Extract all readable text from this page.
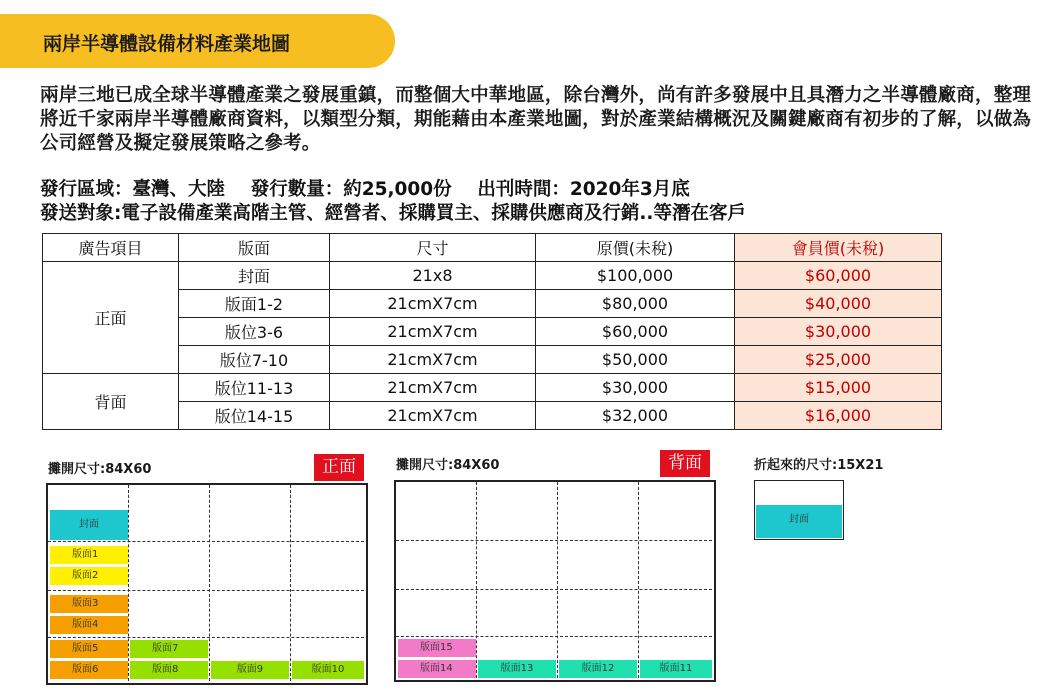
兩岸半導體設備材料產業地圖
兩岸三地已成全球半導體產業之發展重鎮，而整個大中華地區，除台灣外，尚有許多發展中且具潛力之半導體廠商，整理將近千家兩岸半導體廠商資料，以類型分類，期能藉由本產業地圖，對於產業結構概況及關鍵廠商有初步的了解，以做為公司經營及擬定發展策略之參考。
發行區域：臺灣、大陸    發行數量：約25,000份    出刊時間：2020年3月底
發送對象:電子設備產業高階主管、經營者、採購買主、採購供應商及行銷..等潛在客戶
廣告項目	版面	尺寸	原價(未稅)	會員價(未稅)
正面	封面	21x8	$100,000	$60,000
	版面1-2	21cmX7cm	$80,000	$40,000
	版位3-6	21cmX7cm	$60,000	$30,000
	版位7-10	21cmX7cm	$50,000	$25,000
背面	版位11-13	21cmX7cm	$30,000	$15,000
	版位14-15	21cmX7cm	$32,000	$16,000
攤開尺寸:84X60	正面
封面
版面1
版面2
版面3
版面4
版面5
版面6
版面7
版面8	版面9	版面10
攤開尺寸:84X60	背面
版面15
版面14	版面13	版面12	版面11
折起來的尺寸:15X21
封面
